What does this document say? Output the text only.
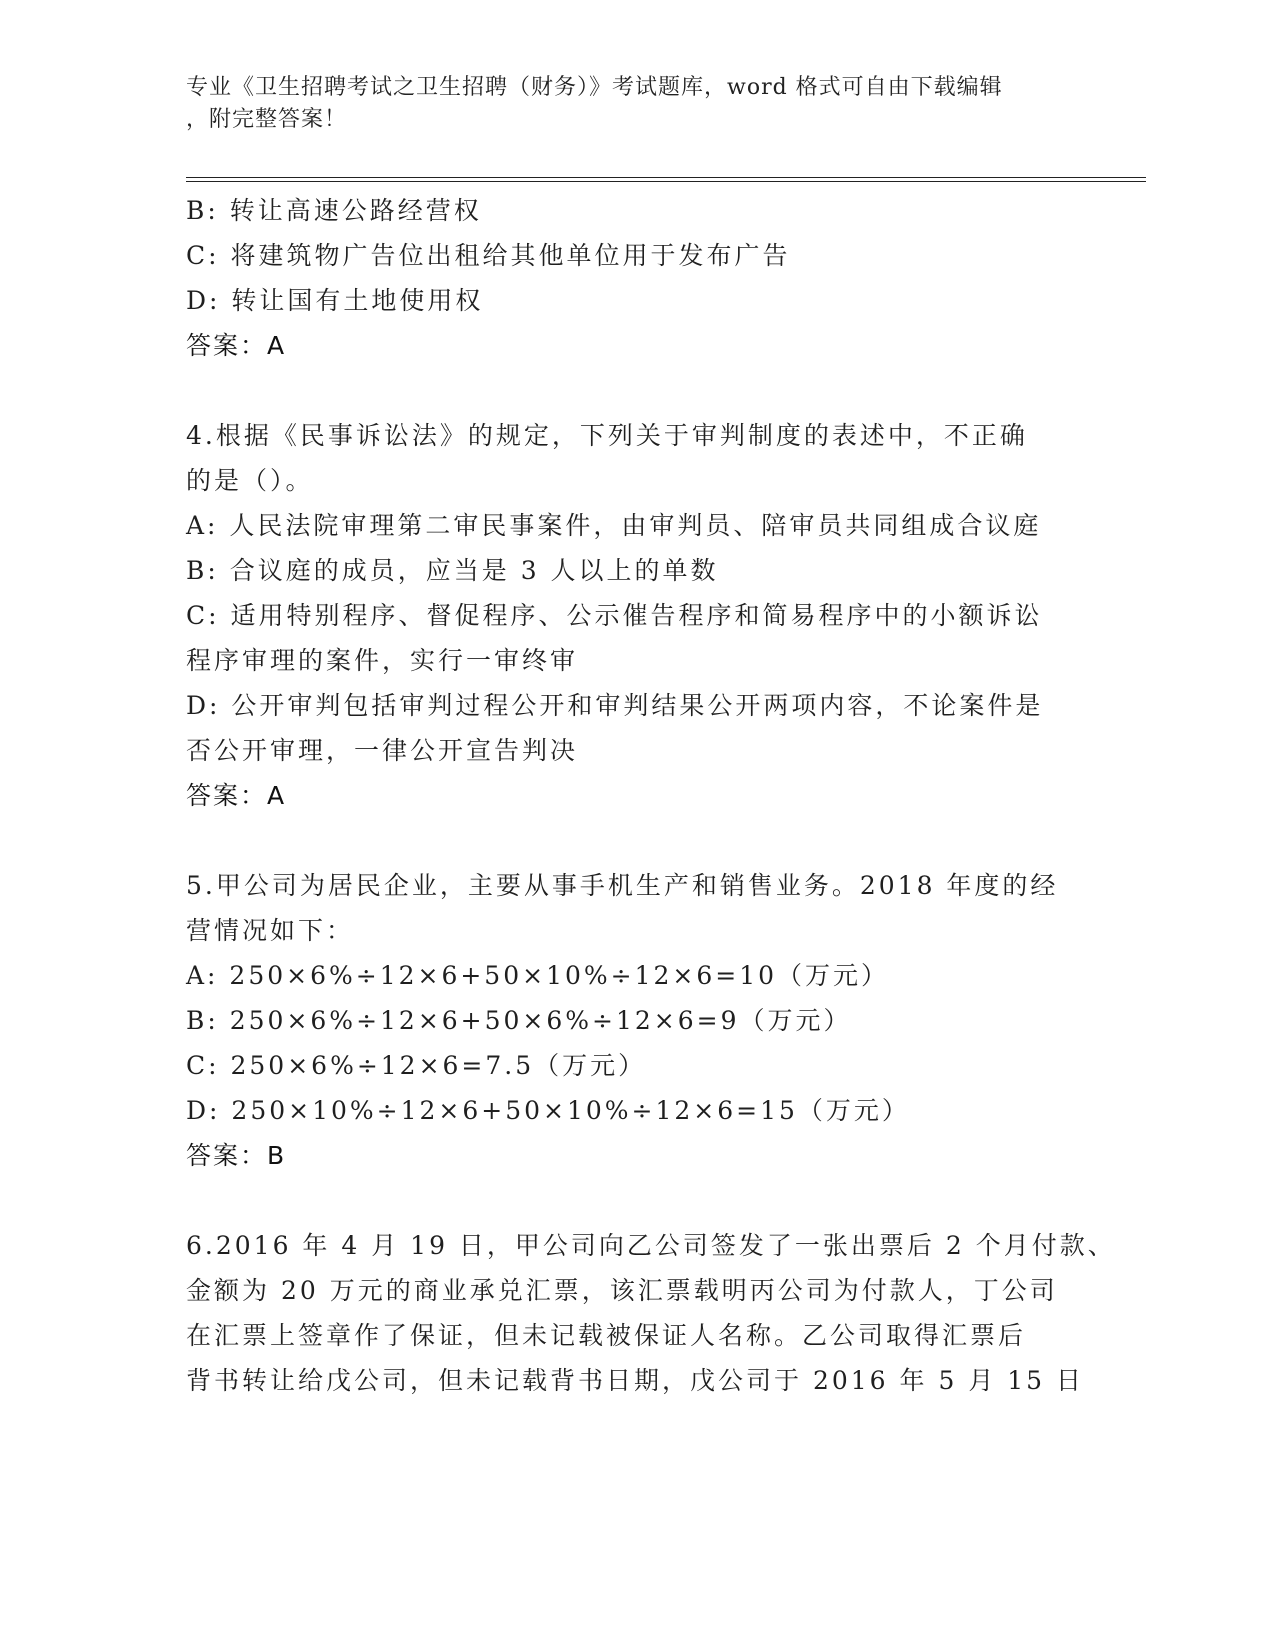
专业《卫生招聘考试之卫生招聘（财务）》考试题库，word 格式可自由下载编辑
，附完整答案！
B: 转让高速公路经营权
C: 将建筑物广告位出租给其他单位用于发布广告
D: 转让国有土地使用权
答案：A
4.根据《民事诉讼法》的规定，下列关于审判制度的表述中，不正确
的是（）。
A: 人民法院审理第二审民事案件，由审判员、陪审员共同组成合议庭
B: 合议庭的成员，应当是 3 人以上的单数
C: 适用特别程序、督促程序、公示催告程序和简易程序中的小额诉讼
程序审理的案件，实行一审终审
D: 公开审判包括审判过程公开和审判结果公开两项内容，不论案件是
否公开审理，一律公开宣告判决
答案：A
5.甲公司为居民企业，主要从事手机生产和销售业务。2018 年度的经
营情况如下：
A: 250×6%÷12×6+50×10%÷12×6=10（万元）
B: 250×6%÷12×6+50×6%÷12×6=9（万元）
C: 250×6%÷12×6=7.5（万元）
D: 250×10%÷12×6+50×10%÷12×6=15（万元）
答案：B
6.2016 年 4 月 19 日，甲公司向乙公司签发了一张出票后 2 个月付款、
金额为 20 万元的商业承兑汇票，该汇票载明丙公司为付款人，丁公司
在汇票上签章作了保证，但未记载被保证人名称。乙公司取得汇票后
背书转让给戊公司，但未记载背书日期，戊公司于 2016 年 5 月 15 日
